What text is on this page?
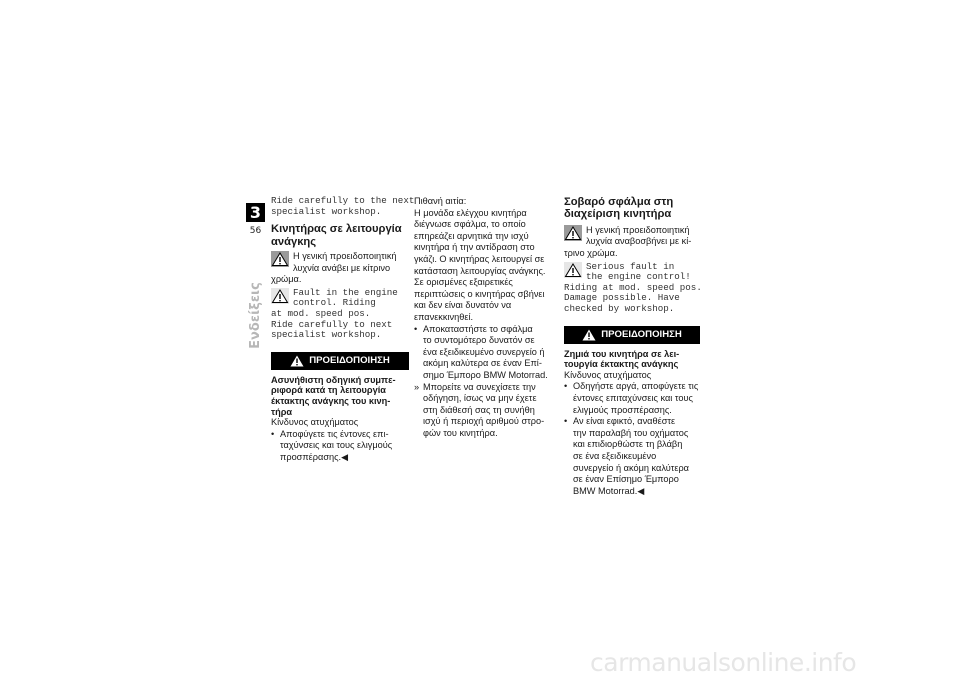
3
56
Ενδείξεις
Ride carefully to the next
specialist workshop.
Κινητήρας σε λειτουργία
ανάγκης

Η γενική προειδοποιητική
λυχνία ανάβει με κίτρινο

χρώμα.

Fault in the engine
control. Riding
at mod. speed pos.
Ride carefully to next
specialist workshop.
ΠΡΟΕΙΔΟΠΟΙΗΣΗ
Ασυνήθιστη οδηγική συμπε-
ριφορά κατά τη λειτουργία
έκτακτης ανάγκης του κινη-
τήρα

Κίνδυνος ατυχήματος

• Αποφύγετε τις έντονες επι-
ταχύνσεις και τους ελιγμούς
προσπέρασης.◀

Πιθανή αιτία:

Η μονάδα ελέγχου κινητήρα
διέγνωσε σφάλμα, το οποίο
επηρεάζει αρνητικά την ισχύ
κινητήρα ή την αντίδραση στο
γκάζι. Ο κινητήρας λειτουργεί σε
κατάσταση λειτουργίας ανάγκης.
Σε ορισμένες εξαιρετικές
περιπτώσεις ο κινητήρας σβήνει
και δεν είναι δυνατόν να
επανεκκινηθεί.

• Αποκαταστήστε το σφάλμα
το συντομότερο δυνατόν σε
ένα εξειδικευμένο συνεργείο ή
ακόμη καλύτερα σε έναν Επί-
σημο Έμπορο BMW Motorrad.
» Μπορείτε να συνεχίσετε την
οδήγηση, ίσως να μην έχετε
στη διάθεσή σας τη συνήθη
ισχύ ή περιοχή αριθμού στρο-
φών του κινητήρα.
Σοβαρό σφάλμα στη
διαχείριση κινητήρα

Η γενική προειδοποιητική
λυχνία αναβοσβήνει με κί-

τρινο χρώμα.

Serious fault in
the engine control!
Riding at mod. speed pos.
Damage possible. Have
checked by workshop.
ΠΡΟΕΙΔΟΠΟΙΗΣΗ
Ζημιά του κινητήρα σε λει-
τουργία έκτακτης ανάγκης

Κίνδυνος ατυχήματος

• Οδηγήστε αργά, αποφύγετε τις
έντονες επιταχύνσεις και τους
ελιγμούς προσπέρασης.
• Αν είναι εφικτό, αναθέστε
την παραλαβή του οχήματος
και επιδιορθώστε τη βλάβη
σε ένα εξειδικευμένο
συνεργείο ή ακόμη καλύτερα
σε έναν Επίσημο Έμπορο
BMW Motorrad.◀
carmanualsonline.info
